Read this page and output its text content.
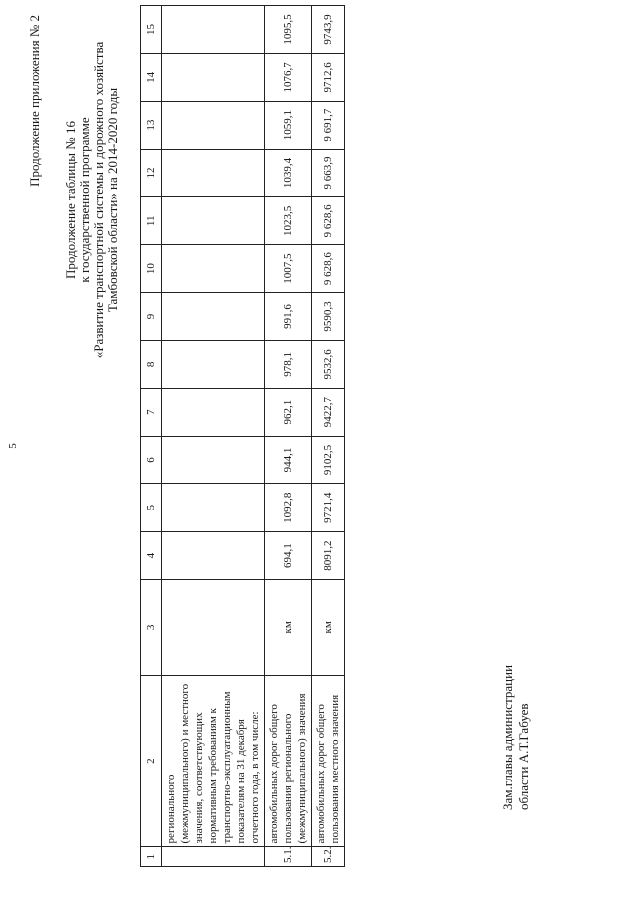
5
Продолжение приложения № 2
Продолжение таблицы № 16 к государственной программе «Развитие транспортной системы и дорожного хозяйства Тамбовской области» на 2014-2020 годы
1	2	3	4	5	6	7	8	9	10	11	12	13	14	15
	регионального (межмуниципального) и местного значения, соответствующих нормативным требованиям к транспортно-эксплуатационным показателям на 31 декабря отчетного года, в том числе:													
5.1.	автомобильных дорог общего пользования регионального (межмуниципального) значения	км	694,1	1092,8	944,1	962,1	978,1	991,6	1007,5	1023,5	1039,4	1059,1	1076,7	1095,5
5.2.	автомобильных дорог общего пользования местного значения	км	8091,2	9721,4	9102,5	9422,7	9532,6	9590,3	9 628,6	9 628,6	9 663,9	9 691,7	9712,6	9743,9
Зам.главы администрации области А.Т.Габуев
